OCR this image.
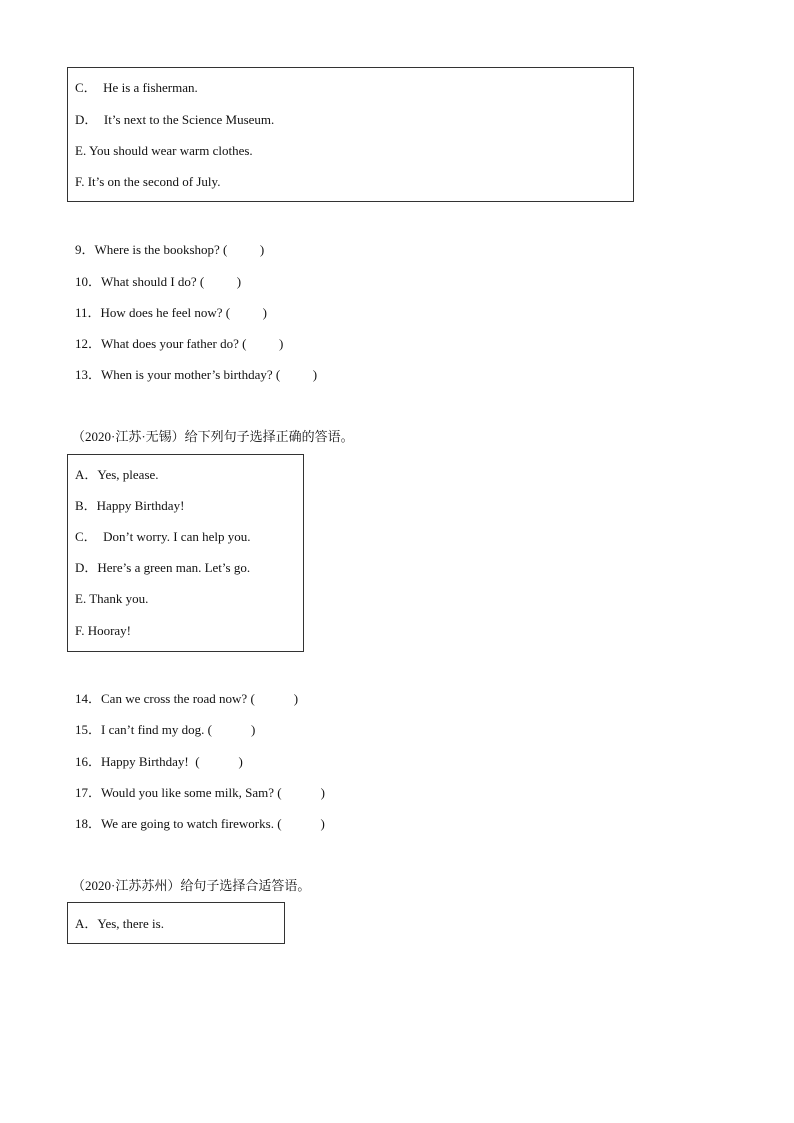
C．  He is a fisherman.
D．  It’s next to the Science Museum.
E. You should wear warm clothes.
F. It’s on the second of July.
9．Where is the bookshop? (          )
10．What should I do? (          )
11．How does he feel now? (          )
12．What does your father do? (          )
13．When is your mother’s birthday? (          )
（2020·江苏·无锡）给下列句子选择正确的答语。
A．Yes, please.
B．Happy Birthday!
C．  Don’t worry. I can help you.
D．Here’s a green man. Let’s go.
E. Thank you.
F. Hooray!
14．Can we cross the road now? (            )
15．I can’t find my dog. (            )
16．Happy Birthday!  (            )
17．Would you like some milk, Sam? (            )
18．We are going to watch fireworks. (            )
（2020·江苏苏州）给句子选择合适答语。
A．Yes, there is.
